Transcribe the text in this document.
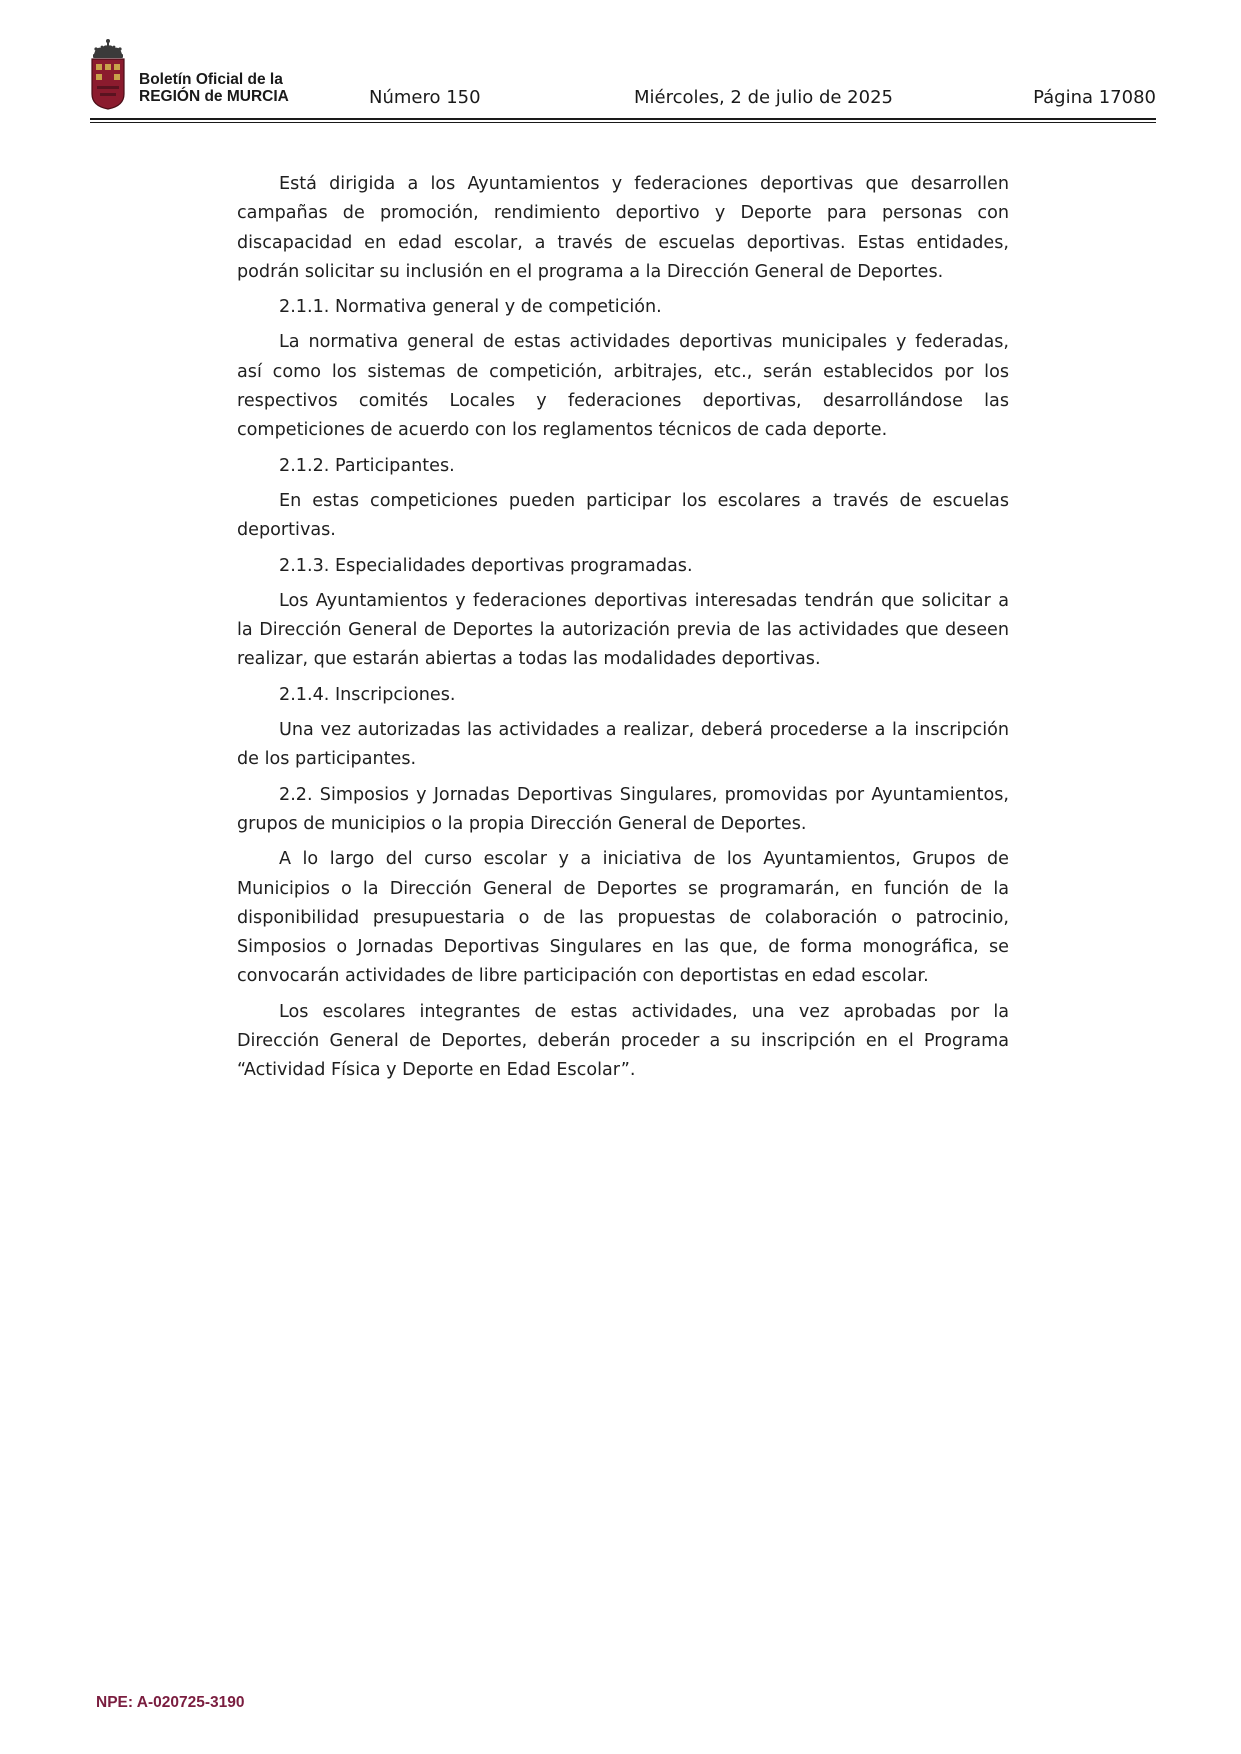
Boletín Oficial de la
REGIÓN de MURCIA	Número 150	Miércoles, 2 de julio de 2025	Página 17080

Está dirigida a los Ayuntamientos y federaciones deportivas que desarrollen campañas de promoción, rendimiento deportivo y Deporte para personas con discapacidad en edad escolar, a través de escuelas deportivas. Estas entidades, podrán solicitar su inclusión en el programa a la Dirección General de Deportes.

2.1.1. Normativa general y de competición.

La normativa general de estas actividades deportivas municipales y federadas, así como los sistemas de competición, arbitrajes, etc., serán establecidos por los respectivos comités Locales y federaciones deportivas, desarrollándose las competiciones de acuerdo con los reglamentos técnicos de cada deporte.

2.1.2. Participantes.

En estas competiciones pueden participar los escolares a través de escuelas deportivas.

2.1.3. Especialidades deportivas programadas.

Los Ayuntamientos y federaciones deportivas interesadas tendrán que solicitar a la Dirección General de Deportes la autorización previa de las actividades que deseen realizar, que estarán abiertas a todas las modalidades deportivas.

2.1.4. Inscripciones.

Una vez autorizadas las actividades a realizar, deberá procederse a la inscripción de los participantes.

2.2. Simposios y Jornadas Deportivas Singulares, promovidas por Ayuntamientos, grupos de municipios o la propia Dirección General de Deportes.

A lo largo del curso escolar y a iniciativa de los Ayuntamientos, Grupos de Municipios o la Dirección General de Deportes se programarán, en función de la disponibilidad presupuestaria o de las propuestas de colaboración o patrocinio, Simposios o Jornadas Deportivas Singulares en las que, de forma monográfica, se convocarán actividades de libre participación con deportistas en edad escolar.

Los escolares integrantes de estas actividades, una vez aprobadas por la Dirección General de Deportes, deberán proceder a su inscripción en el Programa “Actividad Física y Deporte en Edad Escolar”.

NPE: A-020725-3190
